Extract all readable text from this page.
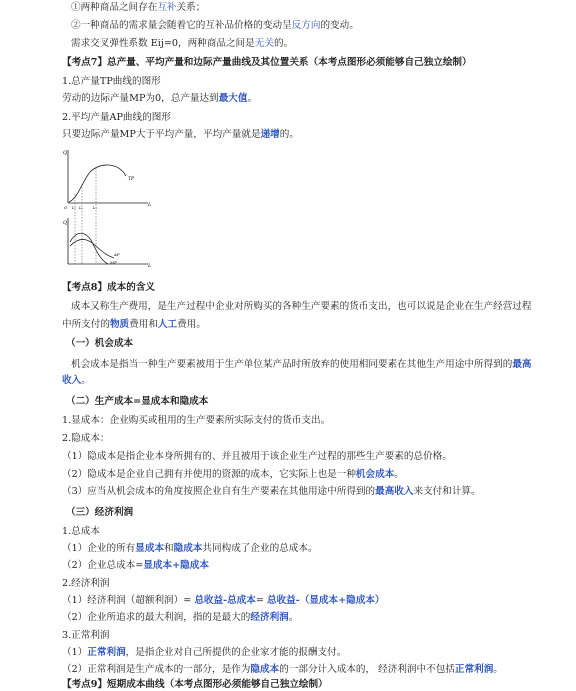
①两种商品之间存在互补关系；
②一种商品的需求量会随着它的互补品价格的变动呈反方向的变动。
需求交叉弹性系数 Eij=0，两种商品之间是无关的。
【考点7】总产量、平均产量和边际产量曲线及其位置关系（本考点图形必须能够自己独立绘制）
1.总产量TP曲线的图形
劳动的边际产量MP为0，总产量达到最大值。
2.平均产量AP曲线的图形
只要边际产量MP大于平均产量，平均产量就是递增的。
Q
Q
L
L
TP
AP
MP
O L₁ L₂	L₃
【考点8】成本的含义
成本又称生产费用，是生产过程中企业对所购买的各种生产要素的货币支出，也可以说是企业在生产经营过程
中所支付的物质费用和人工费用。
（一）机会成本
机会成本是指当一种生产要素被用于生产单位某产品时所放弃的使用相同要素在其他生产用途中所得到的最高
收入。
（二）生产成本=显成本和隐成本
1.显成本：企业购买或租用的生产要素所实际支付的货币支出。
2.隐成本：
（1）隐成本是指企业本身所拥有的、并且被用于该企业生产过程的那些生产要素的总价格。
（2）隐成本是企业自己拥有并使用的资源的成本，它实际上也是一种机会成本。
（3）应当从机会成本的角度按照企业自有生产要素在其他用途中所得到的最高收入来支付和计算。
（三）经济利润
1.总成本
（1）企业的所有显成本和隐成本共同构成了企业的总成本。
（2）企业总成本=显成本+隐成本
2.经济利润
（1）经济利润（超额利润）= 总收益-总成本= 总收益-（显成本+隐成本）
（2）企业所追求的最大利润，指的是最大的经济利润。
3.正常利润
（1）正常利润，是指企业对自己所提供的企业家才能的报酬支付。
（2）正常利润是生产成本的一部分，是作为隐成本的一部分计入成本的， 经济利润中不包括正常利润。
【考点9】短期成本曲线（本考点图形必须能够自己独立绘制）
